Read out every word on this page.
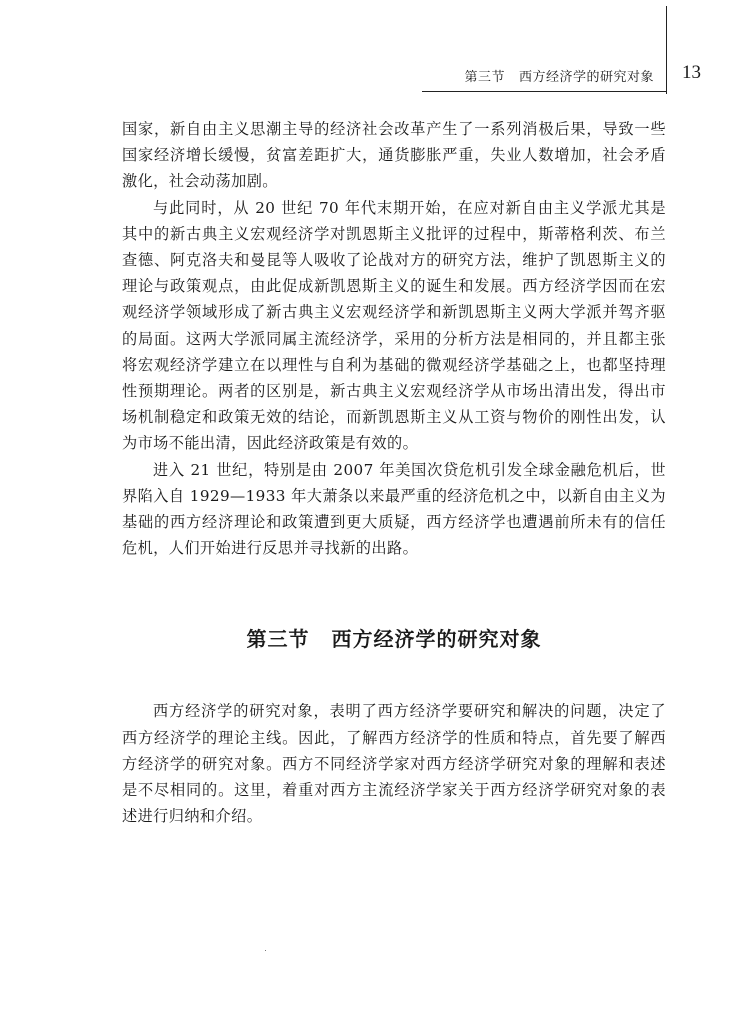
第三节 西方经济学的研究对象 13

国家，新自由主义思潮主导的经济社会改革产生了一系列消极后果，导致一些国家经济增长缓慢，贫富差距扩大，通货膨胀严重，失业人数增加，社会矛盾激化，社会动荡加剧。

与此同时，从 20 世纪 70 年代末期开始，在应对新自由主义学派尤其是其中的新古典主义宏观经济学对凯恩斯主义批评的过程中，斯蒂格利茨、布兰查德、阿克洛夫和曼昆等人吸收了论战对方的研究方法，维护了凯恩斯主义的理论与政策观点，由此促成新凯恩斯主义的诞生和发展。西方经济学因而在宏观经济学领域形成了新古典主义宏观经济学和新凯恩斯主义两大学派并驾齐驱的局面。这两大学派同属主流经济学，采用的分析方法是相同的，并且都主张将宏观经济学建立在以理性与自利为基础的微观经济学基础之上，也都坚持理性预期理论。两者的区别是，新古典主义宏观经济学从市场出清出发，得出市场机制稳定和政策无效的结论，而新凯恩斯主义从工资与物价的刚性出发，认为市场不能出清，因此经济政策是有效的。

进入 21 世纪，特别是由 2007 年美国次贷危机引发全球金融危机后，世界陷入自 1929—1933 年大萧条以来最严重的经济危机之中，以新自由主义为基础的西方经济理论和政策遭到更大质疑，西方经济学也遭遇前所未有的信任危机，人们开始进行反思并寻找新的出路。

第三节 西方经济学的研究对象

西方经济学的研究对象，表明了西方经济学要研究和解决的问题，决定了西方经济学的理论主线。因此，了解西方经济学的性质和特点，首先要了解西方经济学的研究对象。西方不同经济学家对西方经济学研究对象的理解和表述是不尽相同的。这里，着重对西方主流经济学家关于西方经济学研究对象的表述进行归纳和介绍。
